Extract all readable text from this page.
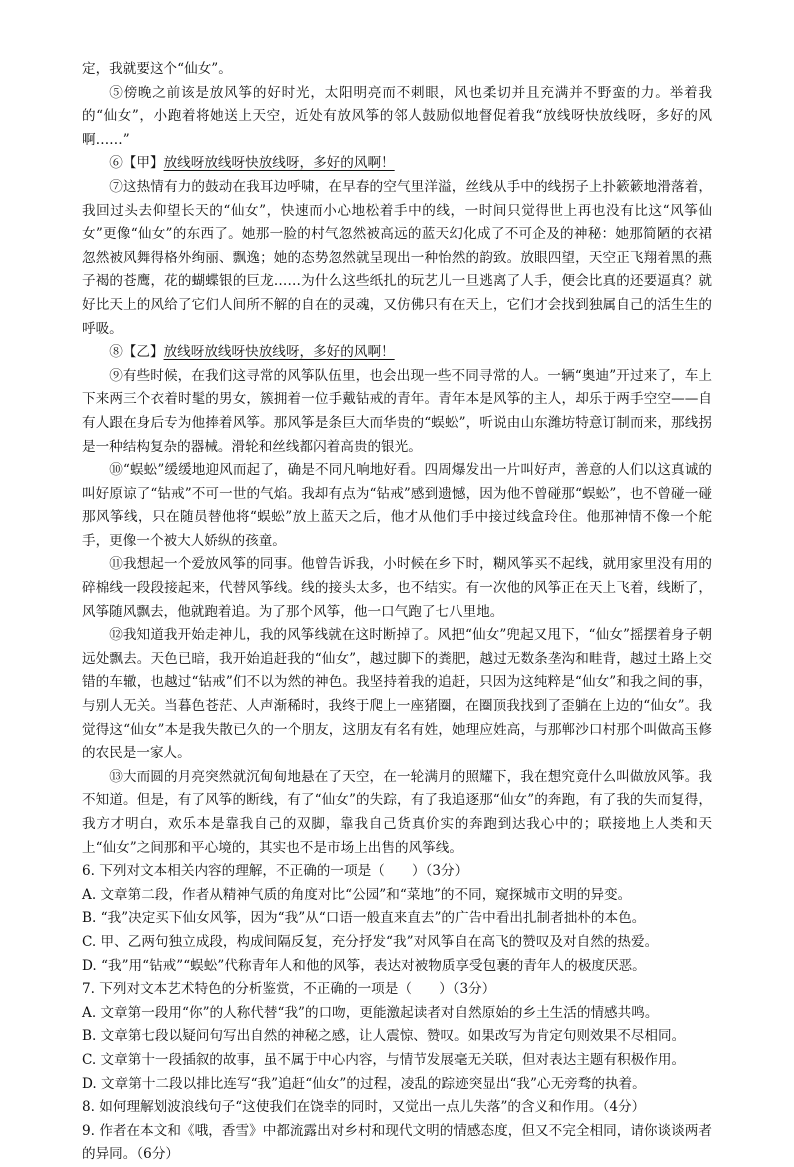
定，我就要这个“仙女”。

⑤傍晚之前该是放风筝的好时光，太阳明亮而不刺眼，风也柔切并且充满并不野蛮的力。举着我的“仙女”，小跑着将她送上天空，近处有放风筝的邻人鼓励似地督促着我“放线呀快放线呀，多好的风啊……”

⑥【甲】放线呀放线呀快放线呀，多好的风啊！

⑦这热情有力的鼓动在我耳边呼啸，在早春的空气里洋溢，丝线从手中的线拐子上扑簌簌地滑落着，我回过头去仰望长天的“仙女”，快速而小心地松着手中的线，一时间只觉得世上再也没有比这“风筝仙女”更像“仙女”的东西了。她那一脸的村气忽然被高远的蓝天幻化成了不可企及的神秘：她那简陋的衣裙忽然被风舞得格外绚丽、飘逸；她的态势忽然就呈现出一种怡然的韵致。放眼四望，天空正飞翔着黑的燕子褐的苍鹰，花的蝴蝶银的巨龙……为什么这些纸扎的玩艺儿一旦逃离了人手，便会比真的还要逼真？就好比天上的风给了它们人间所不解的自在的灵魂，又仿佛只有在天上，它们才会找到独属自己的活生生的呼吸。

⑧【乙】放线呀放线呀快放线呀，多好的风啊！

⑨有些时候，在我们这寻常的风筝队伍里，也会出现一些不同寻常的人。一辆“奥迪”开过来了，车上下来两三个衣着时髦的男女，簇拥着一位手戴钻戒的青年。青年本是风筝的主人，却乐于两手空空——自有人跟在身后专为他捧着风筝。那风筝是条巨大而华贵的“蜈蚣”，听说由山东潍坊特意订制而来，那线拐是一种结构复杂的器械。滑轮和丝线都闪着高贵的银光。

⑩“蜈蚣”缓缓地迎风而起了，确是不同凡响地好看。四周爆发出一片叫好声，善意的人们以这真诚的叫好原谅了“钻戒”不可一世的气焰。我却有点为“钻戒”感到遗憾，因为他不曾碰那“蜈蚣”，也不曾碰一碰那风筝线，只在随员替他将“蜈蚣”放上蓝天之后，他才从他们手中接过线盒玲住。他那神情不像一个舵手，更像一个被大人娇纵的孩童。

⑪我想起一个爱放风筝的同事。他曾告诉我，小时候在乡下时，糊风筝买不起线，就用家里没有用的碎棉线一段段接起来，代替风筝线。线的接头太多，也不结实。有一次他的风筝正在天上飞着，线断了，风筝随风飘去，他就跑着追。为了那个风筝，他一口气跑了七八里地。

⑫我知道我开始走神儿，我的风筝线就在这时断掉了。风把“仙女”兜起又甩下，“仙女”摇摆着身子朝远处飘去。天色已暗，我开始追赶我的“仙女”，越过脚下的粪肥，越过无数条垄沟和畦背，越过土路上交错的车辙，也越过“钻戒”们不以为然的神色。我坚持着我的追赶，只因为这纯粹是“仙女”和我之间的事，与别人无关。当暮色苍茫、人声渐稀时，我终于爬上一座猪圈，在圈顶我找到了歪躺在上边的“仙女”。我觉得这“仙女”本是我失散已久的一个朋友，这朋友有名有姓，她理应姓高，与那郸沙口村那个叫做高玉修的农民是一家人。

⑬大而圆的月亮突然就沉甸甸地悬在了天空，在一轮满月的照耀下，我在想究竟什么叫做放风筝。我不知道。但是，有了风筝的断线，有了“仙女”的失踪，有了我追逐那“仙女”的奔跑，有了我的失而复得，我方才明白，欢乐本是靠我自己的双脚，靠我自己货真价实的奔跑到达我心中的；联接地上人类和天上“仙女”之间那和平心境的，其实也不是市场上出售的风筝线。

6. 下列对文本相关内容的理解，不正确的一项是（　　）（3分）

A. 文章第二段，作者从精神气质的角度对比“公园”和“菜地”的不同，窥探城市文明的异变。

B. “我”决定买下仙女风筝，因为“我”从“口语一般直来直去”的广告中看出扎制者拙朴的本色。

C. 甲、乙两句独立成段，构成间隔反复，充分抒发“我”对风筝自在高飞的赞叹及对自然的热爱。

D. “我”用“钻戒”“蜈蚣”代称青年人和他的风筝，表达对被物质享受包裹的青年人的极度厌恶。

7. 下列对文本艺术特色的分析鉴赏，不正确的一项是（　　）（3分）

A. 文章第一段用“你”的人称代替“我”的口吻，更能激起读者对自然原始的乡土生活的情感共鸣。

B. 文章第七段以疑问句写出自然的神秘之感，让人震惊、赞叹。如果改写为肯定句则效果不尽相同。

C. 文章第十一段插叙的故事，虽不属于中心内容，与情节发展毫无关联，但对表达主题有积极作用。

D. 文章第十二段以排比连写“我”追赶“仙女”的过程，凌乱的踪迹突显出“我”心无旁骛的执着。

8. 如何理解划波浪线句子“这使我们在饶幸的同时，又觉出一点儿失落”的含义和作用。（4分）

9. 作者在本文和《哦，香雪》中都流露出对乡村和现代文明的情感态度，但又不完全相同，请你谈谈两者的异同。（6分）
